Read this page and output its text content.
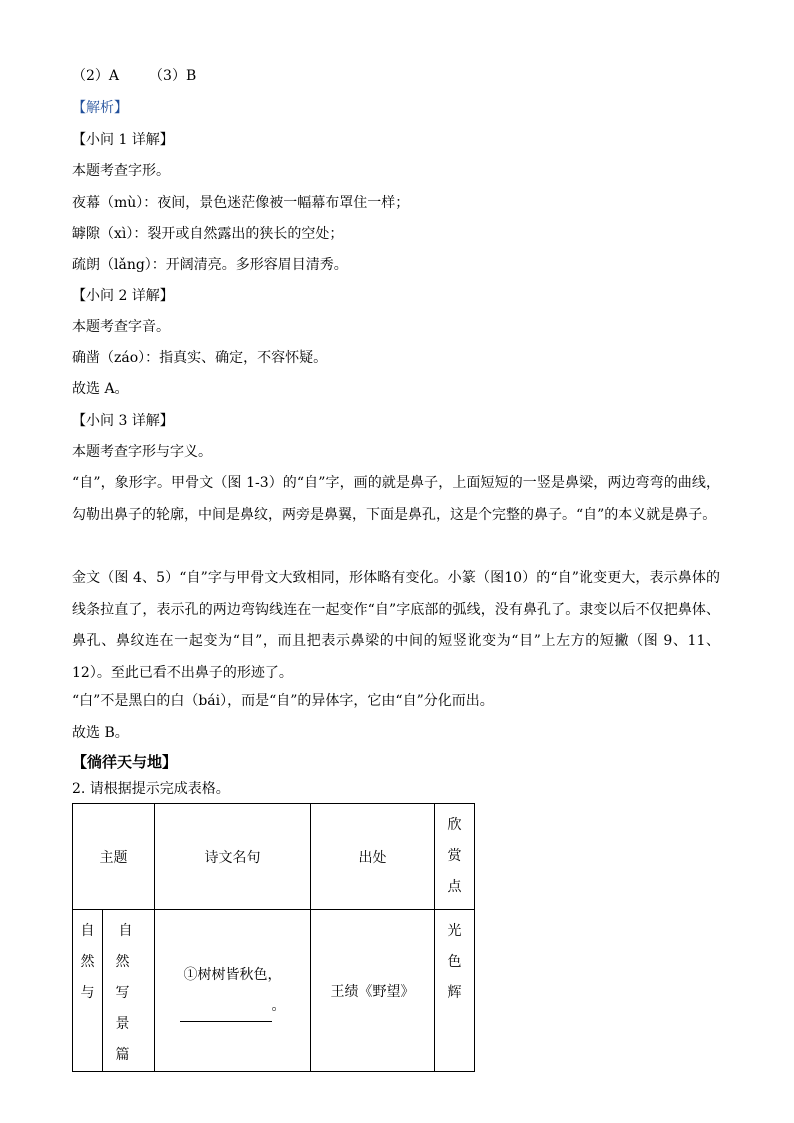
（2）A （3）B
【解析】
【小问 1 详解】
本题考查字形。
夜幕（mù）：夜间，景色迷茫像被一幅幕布罩住一样；
罅隙（xì）：裂开或自然露出的狭长的空处；
疏朗（lǎng）：开阔清亮。多形容眉目清秀。
【小问 2 详解】
本题考查字音。
确凿（záo）：指真实、确定，不容怀疑。
故选 A。
【小问 3 详解】
本题考查字形与字义。
“自”，象形字。甲骨文（图 1-3）的“自”字，画的就是鼻子，上面短短的一竖是鼻梁，两边弯弯的曲线，勾勒出鼻子的轮廓，中间是鼻纹，两旁是鼻翼，下面是鼻孔，这是个完整的鼻子。“自”的本义就是鼻子。
金文（图 4、5）“自”字与甲骨文大致相同，形体略有变化。小篆（图10）的“自”讹变更大，表示鼻体的线条拉直了，表示孔的两边弯钩线连在一起变作“自”字底部的弧线，没有鼻孔了。隶变以后不仅把鼻体、鼻孔、鼻纹连在一起变为“目”，而且把表示鼻梁的中间的短竖讹变为“目”上左方的短撇（图 9、11、12）。至此已看不出鼻子的形迹了。
“白”不是黑白的白（bái），而是“自”的异体字，它由“自”分化而出。
故选 B。
【徜徉天与地】
2. 请根据提示完成表格。
主题		诗文名句	出处	欣赏点
自然与	自然写景篇	①树树皆秋色，
。	王绩《野望》	光色辉
